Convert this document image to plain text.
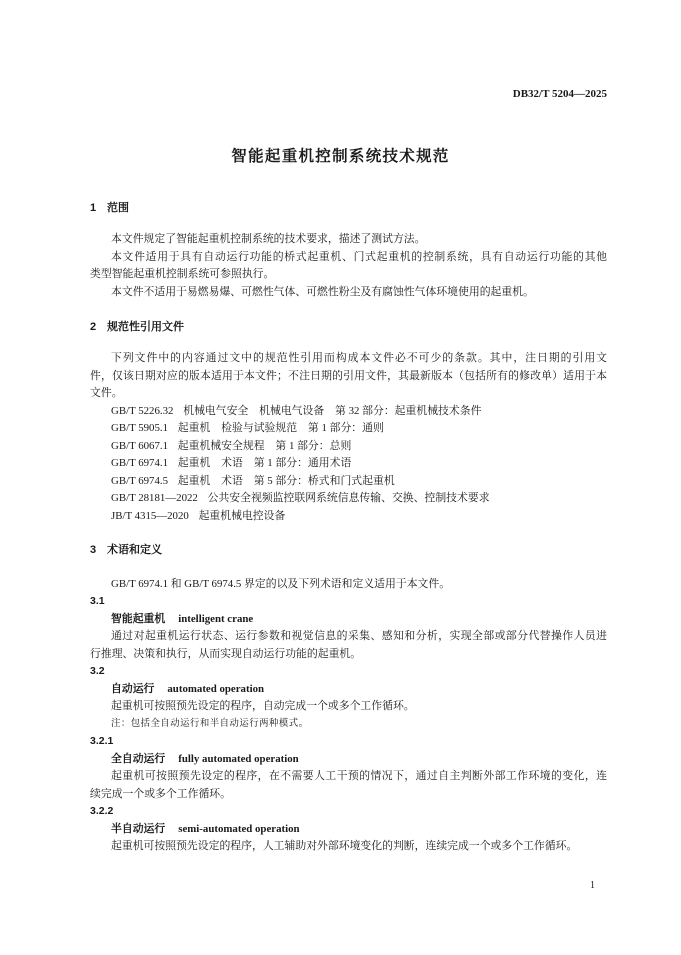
DB32/T 5204—2025
智能起重机控制系统技术规范
1 范围
本文件规定了智能起重机控制系统的技术要求，描述了测试方法。
本文件适用于具有自动运行功能的桥式起重机、门式起重机的控制系统，具有自动运行功能的其他
类型智能起重机控制系统可参照执行。
本文件不适用于易燃易爆、可燃性气体、可燃性粉尘及有腐蚀性气体环境使用的起重机。
2 规范性引用文件
下列文件中的内容通过文中的规范性引用而构成本文件必不可少的条款。其中，注日期的引用文
件，仅该日期对应的版本适用于本文件；不注日期的引用文件，其最新版本（包括所有的修改单）适用于本
文件。
GB/T 5226.32 机械电气安全　机械电气设备　第 32 部分：起重机械技术条件
GB/T 5905.1 起重机　检验与试验规范　第 1 部分：通则
GB/T 6067.1 起重机械安全规程　第 1 部分：总则
GB/T 6974.1 起重机　术语　第 1 部分：通用术语
GB/T 6974.5 起重机　术语　第 5 部分：桥式和门式起重机
GB/T 28181—2022 公共安全视频监控联网系统信息传输、交换、控制技术要求
JB/T 4315—2020 起重机械电控设备
3 术语和定义
GB/T 6974.1 和 GB/T 6974.5 界定的以及下列术语和定义适用于本文件。
3.1
智能起重机 intelligent crane
通过对起重机运行状态、运行参数和视觉信息的采集、感知和分析，实现全部或部分代替操作人员进
行推理、决策和执行，从而实现自动运行功能的起重机。
3.2
自动运行 automated operation
起重机可按照预先设定的程序，自动完成一个或多个工作循环。
注：包括全自动运行和半自动运行两种模式。
3.2.1
全自动运行 fully automated operation
起重机可按照预先设定的程序，在不需要人工干预的情况下，通过自主判断外部工作环境的变化，连
续完成一个或多个工作循环。
3.2.2
半自动运行 semi-automated operation
起重机可按照预先设定的程序，人工辅助对外部环境变化的判断，连续完成一个或多个工作循环。
1
